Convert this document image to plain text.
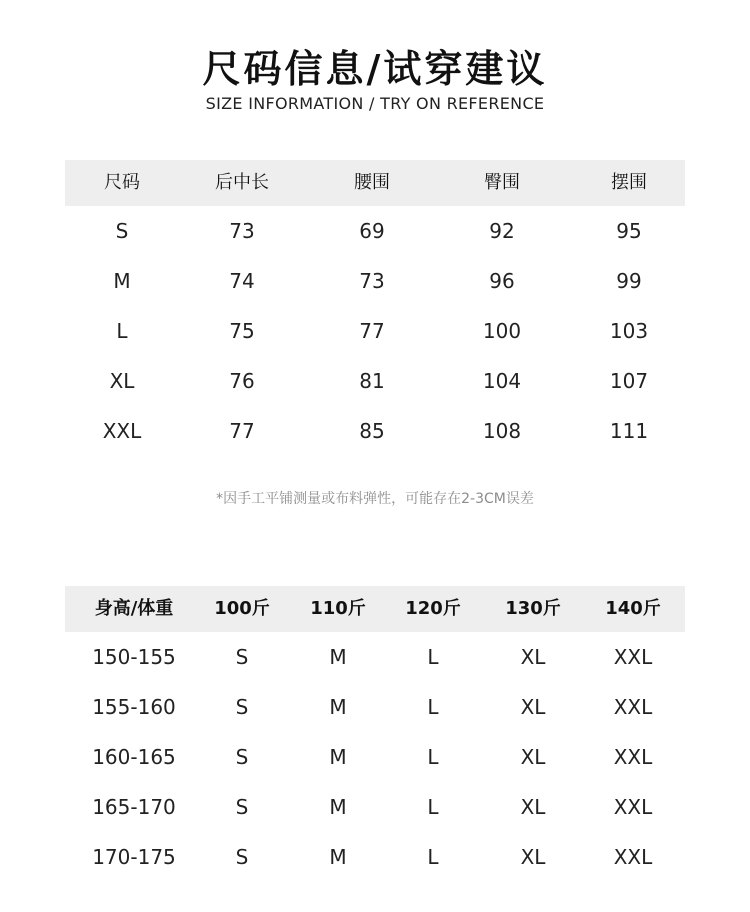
尺码信息/试穿建议
SIZE INFORMATION / TRY ON REFERENCE
尺码	后中长	腰围	臀围	摆围
S	73	69	92	95
M	74	73	96	99
L	75	77	100	103
XL	76	81	104	107
XXL	77	85	108	111
*因手工平铺测量或布料弹性，可能存在2-3CM误差
身高/体重 100斤 110斤 120斤 130斤 140斤
150-155	S	M	L	XL	XXL
155-160	S	M	L	XL	XXL
160-165	S	M	L	XL	XXL
165-170	S	M	L	XL	XXL
170-175	S	M	L	XL	XXL
